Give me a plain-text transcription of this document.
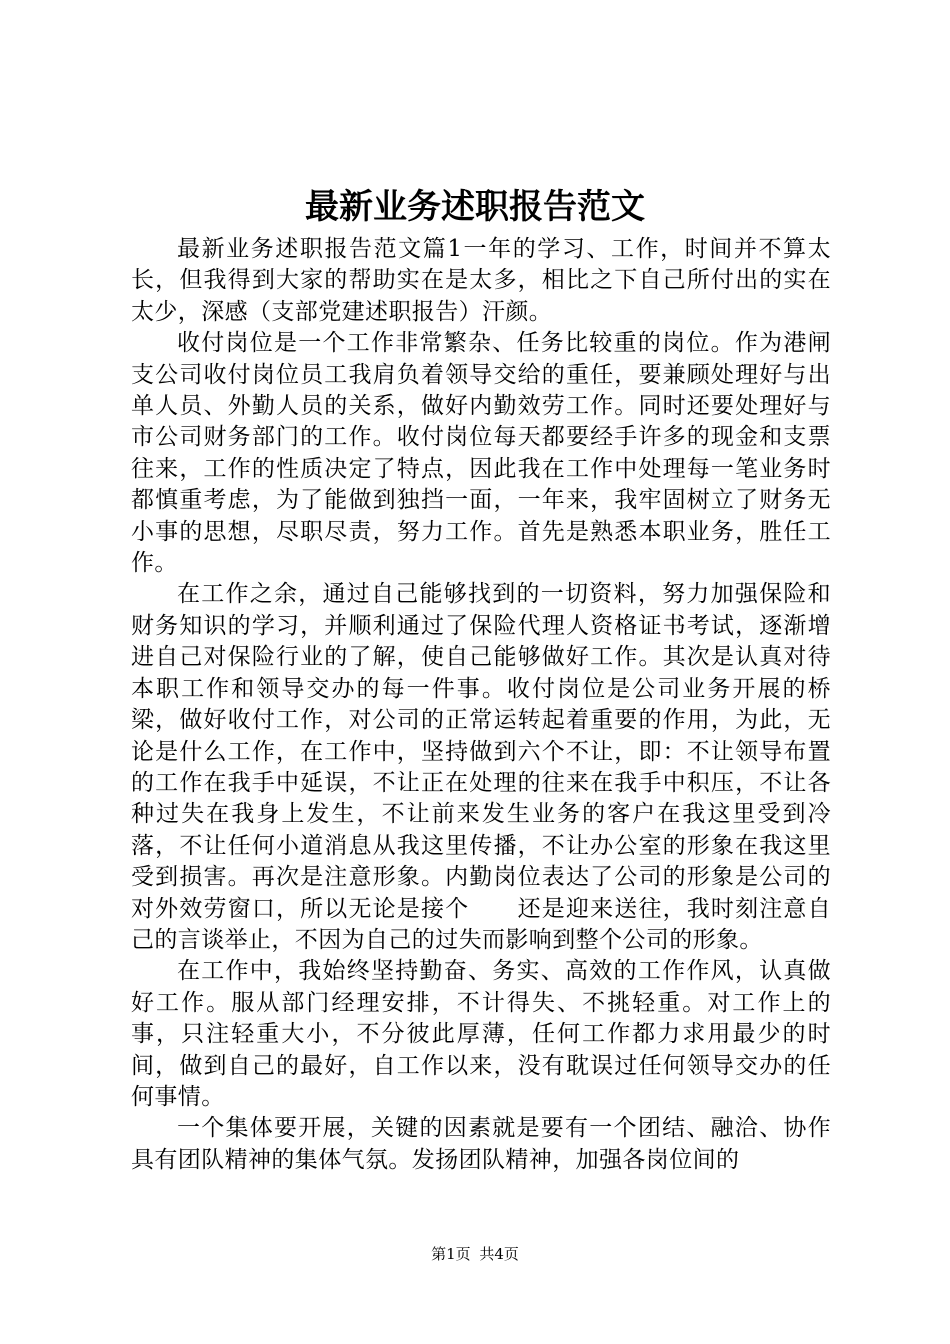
最新业务述职报告范文

最新业务述职报告范文篇1一年的学习、工作，时间并不算太长，但我得到大家的帮助实在是太多，相比之下自己所付出的实在太少，深感（支部党建述职报告）汗颜。

收付岗位是一个工作非常繁杂、任务比较重的岗位。作为港闸支公司收付岗位员工我肩负着领导交给的重任，要兼顾处理好与出单人员、外勤人员的关系，做好内勤效劳工作。同时还要处理好与市公司财务部门的工作。收付岗位每天都要经手许多的现金和支票往来，工作的性质决定了特点，因此我在工作中处理每一笔业务时都慎重考虑，为了能做到独挡一面，一年来，我牢固树立了财务无小事的思想，尽职尽责，努力工作。首先是熟悉本职业务，胜任工作。

在工作之余，通过自己能够找到的一切资料，努力加强保险和财务知识的学习，并顺利通过了保险代理人资格证书考试，逐渐增进自己对保险行业的了解，使自己能够做好工作。其次是认真对待本职工作和领导交办的每一件事。收付岗位是公司业务开展的桥梁，做好收付工作，对公司的正常运转起着重要的作用，为此，无论是什么工作，在工作中，坚持做到六个不让，即：不让领导布置的工作在我手中延误，不让正在处理的往来在我手中积压，不让各种过失在我身上发生，不让前来发生业务的客户在我这里受到冷落，不让任何小道消息从我这里传播，不让办公室的形象在我这里受到损害。再次是注意形象。内勤岗位表达了公司的形象是公司的对外效劳窗口，所以无论是接个　　还是迎来送往，我时刻注意自己的言谈举止，不因为自己的过失而影响到整个公司的形象。

在工作中，我始终坚持勤奋、务实、高效的工作作风，认真做好工作。服从部门经理安排，不计得失、不挑轻重。对工作上的事，只注轻重大小，不分彼此厚薄，任何工作都力求用最少的时间，做到自己的最好，自工作以来，没有耽误过任何领导交办的任何事情。

一个集体要开展，关键的因素就是要有一个团结、融洽、协作具有团队精神的集体气氛。发扬团队精神，加强各岗位间的

第1页 共4页
